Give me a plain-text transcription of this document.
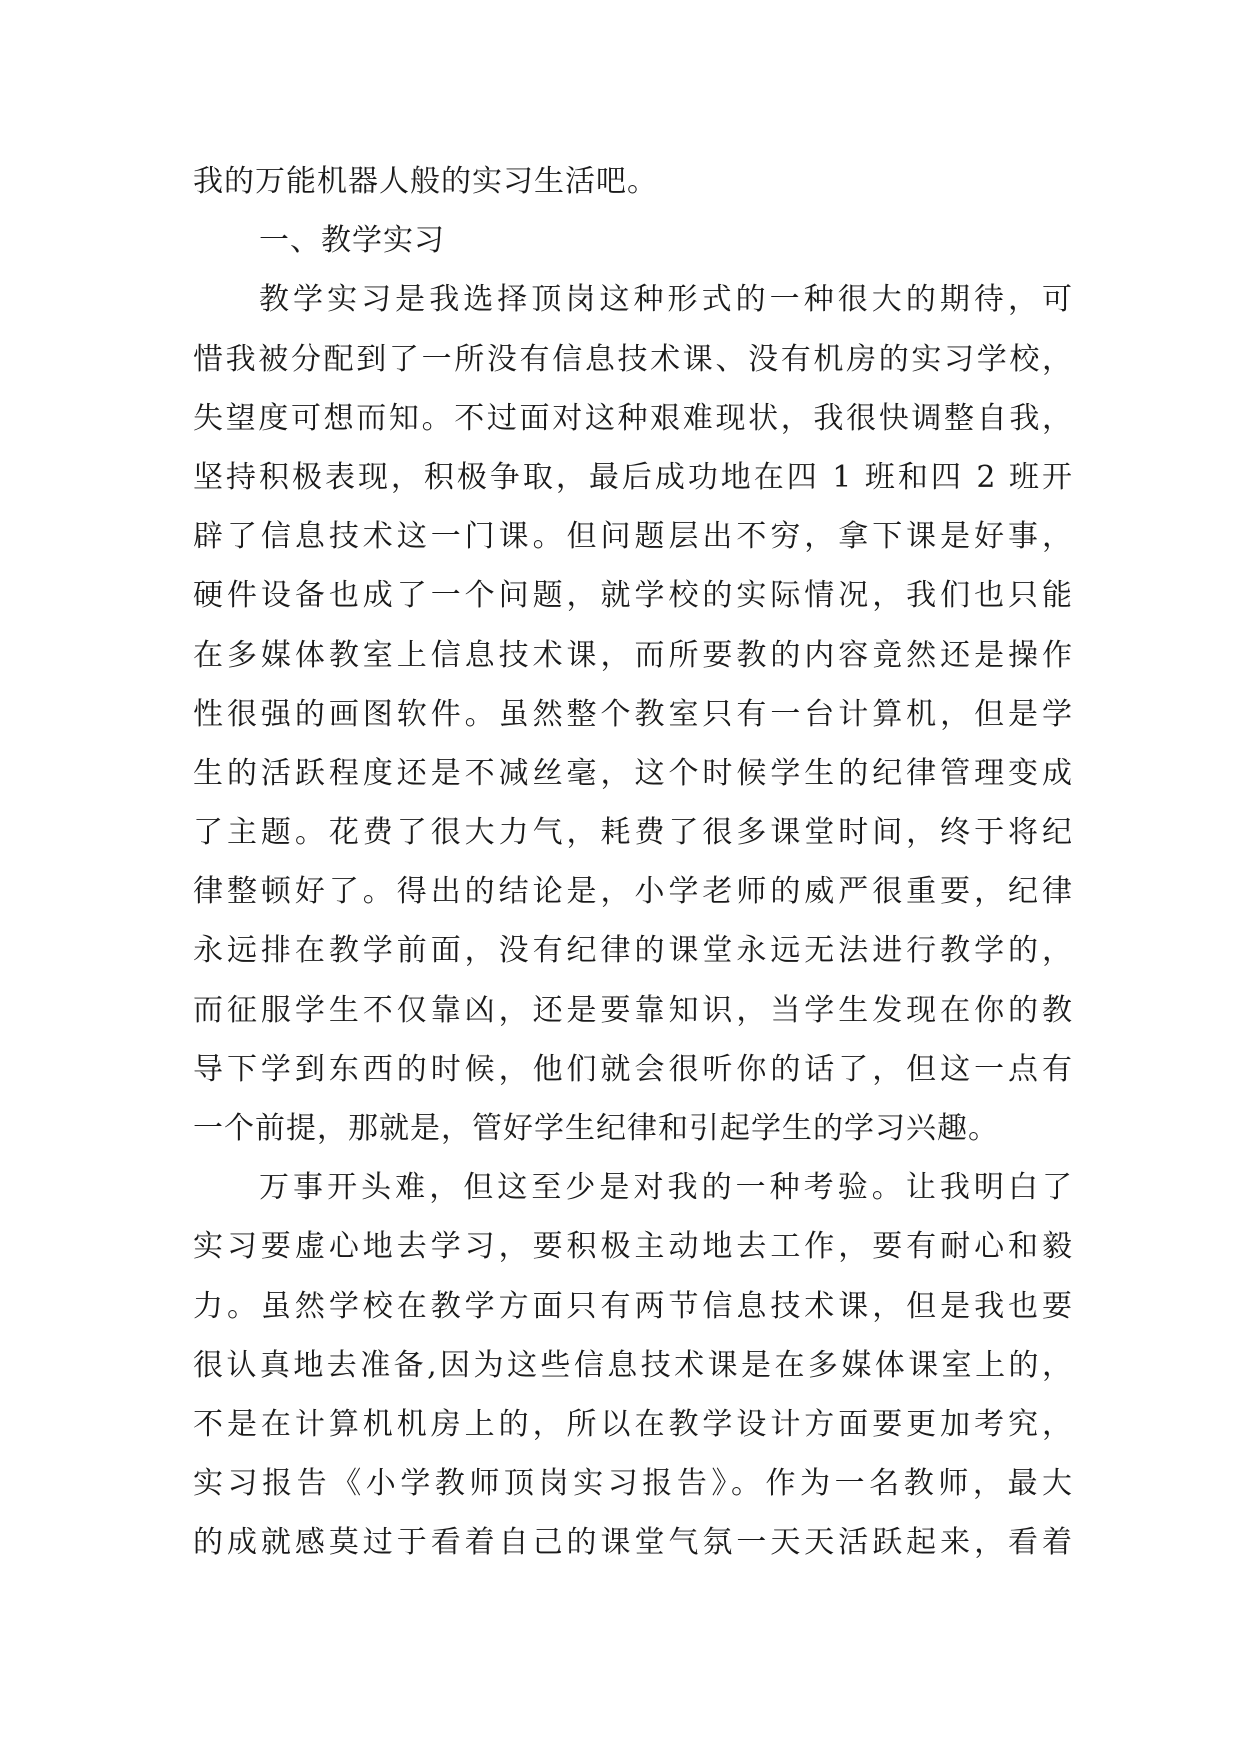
我的万能机器人般的实习生活吧。
一、教学实习
教学实习是我选择顶岗这种形式的一种很大的期待，可
惜我被分配到了一所没有信息技术课、没有机房的实习学校，
失望度可想而知。不过面对这种艰难现状，我很快调整自我，
坚持积极表现，积极争取，最后成功地在四 1 班和四 2 班开
辟了信息技术这一门课。但问题层出不穷，拿下课是好事，
硬件设备也成了一个问题，就学校的实际情况，我们也只能
在多媒体教室上信息技术课，而所要教的内容竟然还是操作
性很强的画图软件。虽然整个教室只有一台计算机，但是学
生的活跃程度还是不减丝毫，这个时候学生的纪律管理变成
了主题。花费了很大力气，耗费了很多课堂时间，终于将纪
律整顿好了。得出的结论是，小学老师的威严很重要，纪律
永远排在教学前面，没有纪律的课堂永远无法进行教学的，
而征服学生不仅靠凶，还是要靠知识，当学生发现在你的教
导下学到东西的时候，他们就会很听你的话了，但这一点有
一个前提，那就是，管好学生纪律和引起学生的学习兴趣。
万事开头难，但这至少是对我的一种考验。让我明白了
实习要虚心地去学习，要积极主动地去工作，要有耐心和毅
力。虽然学校在教学方面只有两节信息技术课，但是我也要
很认真地去准备,因为这些信息技术课是在多媒体课室上的，
不是在计算机机房上的，所以在教学设计方面要更加考究，
实习报告《小学教师顶岗实习报告》。作为一名教师，最大
的成就感莫过于看着自己的课堂气氛一天天活跃起来，看着
